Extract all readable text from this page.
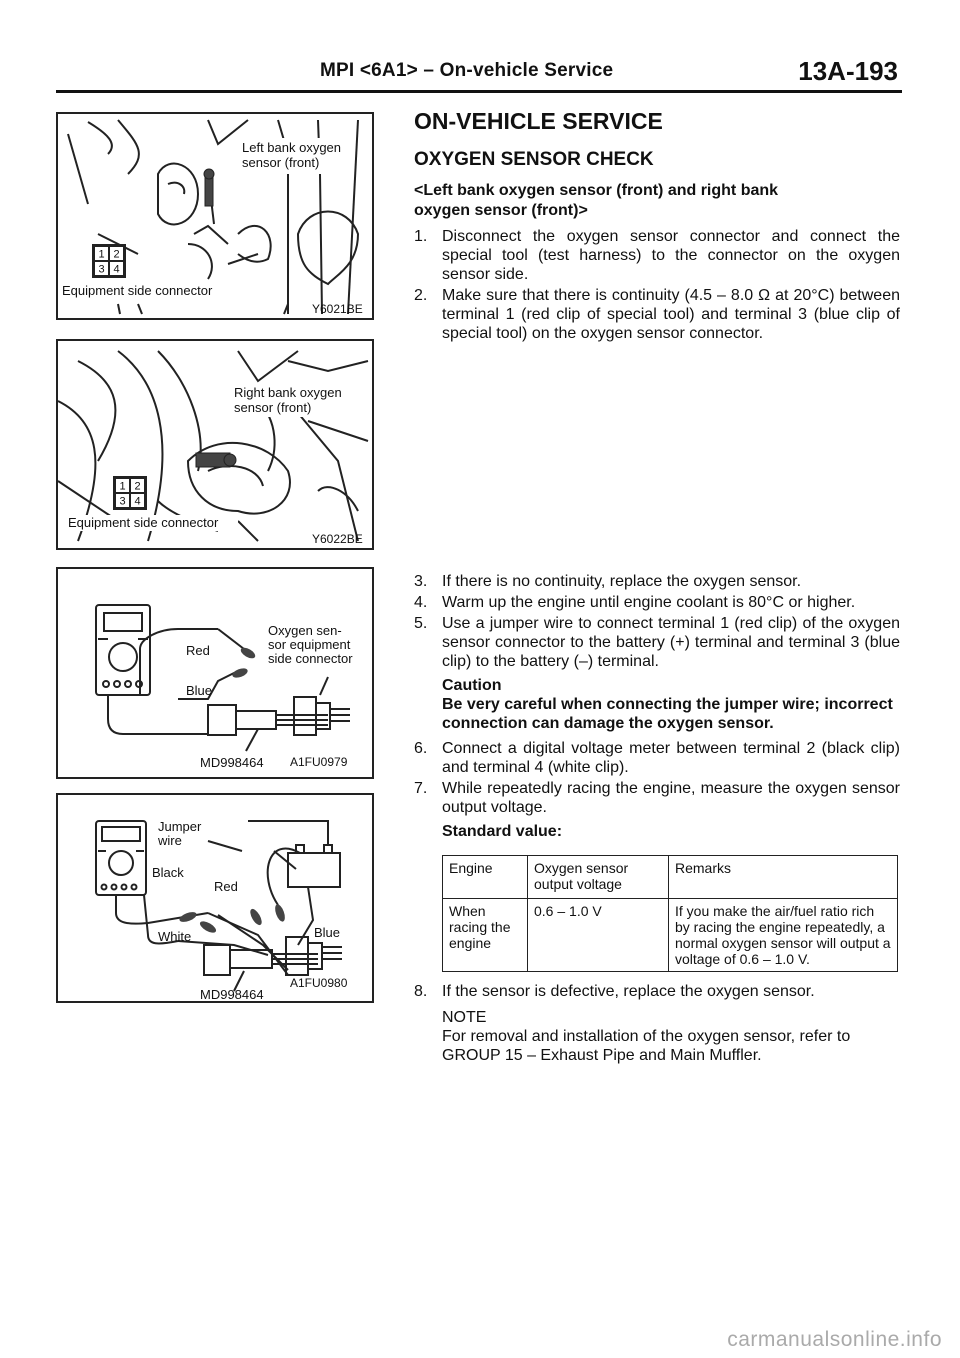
MPI <6A1> – On-vehicle Service	13A-193
1 2
3 4
Left bank oxygen
sensor (front)
Equipment side connector
Y6021BE
1 2
3 4
Right bank oxygen
sensor (front)
Equipment side connector
Y6022BE
Red
Blue
Oxygen sen-
sor equipment
side connector
MD998464 A1FU0979
Jumper
wire
Black
Red
White	Blue
MD998464
A1FU0980
ON-VEHICLE SERVICE
OXYGEN SENSOR CHECK
<Left bank oxygen sensor (front) and right bank
oxygen sensor (front)>
1. Disconnect the oxygen sensor connector and connect the special tool (test harness) to the connector on the oxygen sensor side.
2. Make sure that there is continuity (4.5 – 8.0 Ω at 20°C) between terminal 1 (red clip of special tool) and terminal 3 (blue clip of special tool) on the oxygen sensor connector.
3. If there is no continuity, replace the oxygen sensor.
4. Warm up the engine until engine coolant is 80°C or higher.
5. Use a jumper wire to connect terminal 1 (red clip) of the oxygen sensor connector to the battery (+) terminal and terminal 3 (blue clip) to the battery (–) terminal.
Caution
Be very careful when connecting the jumper wire; incorrect connection can damage the oxygen sensor.
6. Connect a digital voltage meter between terminal 2 (black clip) and terminal 4 (white clip).
7. While repeatedly racing the engine, measure the oxygen sensor output voltage.
Standard value:
Engine	Oxygen sensor output voltage	Remarks
When racing the engine	0.6 – 1.0 V	If you make the air/fuel ratio rich by racing the engine repeatedly, a normal oxygen sensor will output a voltage of 0.6 – 1.0 V.
8. If the sensor is defective, replace the oxygen sensor.
NOTE
For removal and installation of the oxygen sensor, refer to GROUP 15 – Exhaust Pipe and Main Muffler.
carmanualsonline.info
